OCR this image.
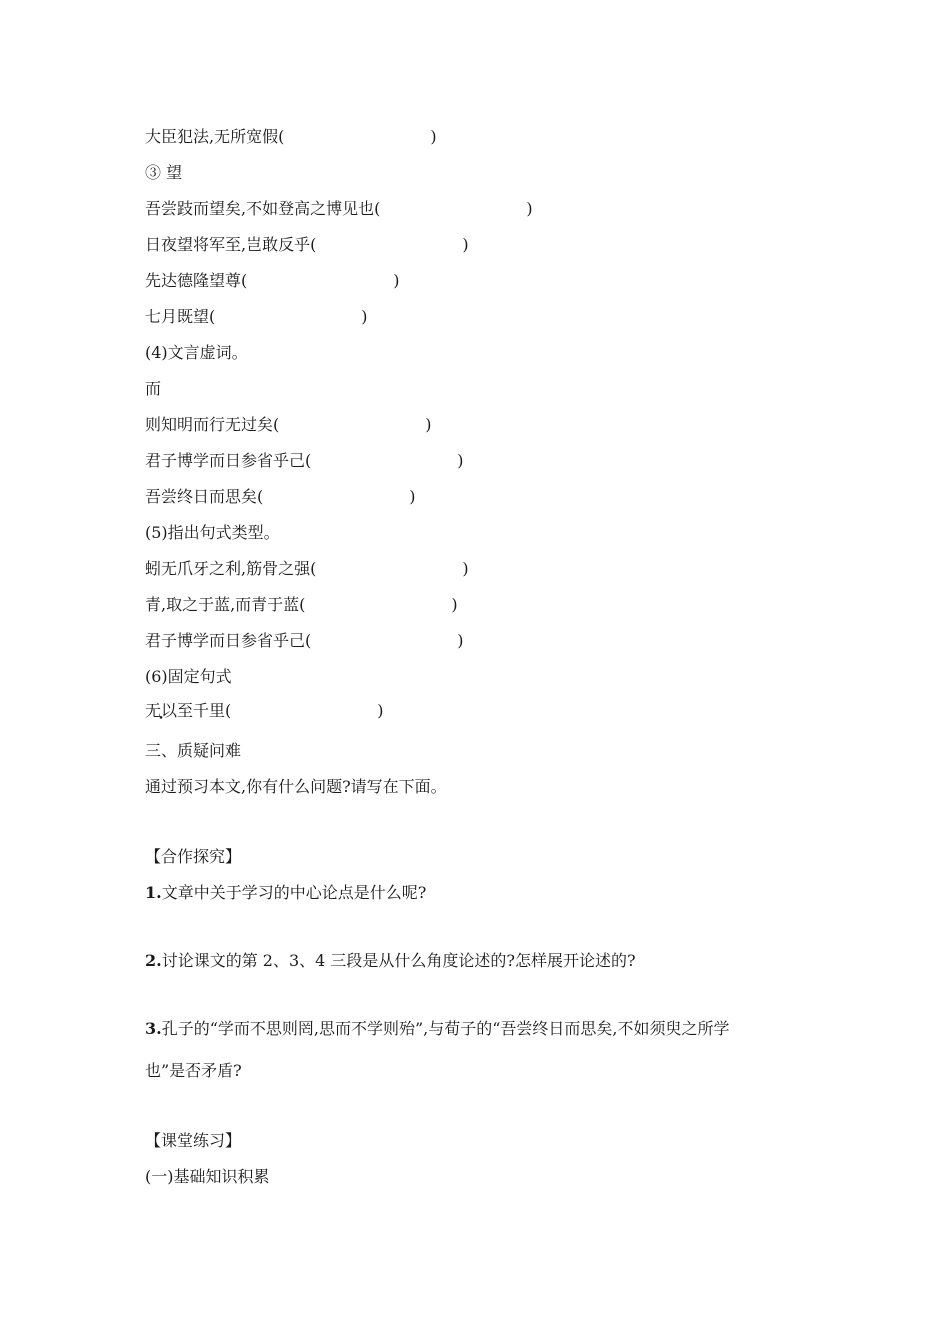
大臣犯法,无所宽假(	)
③ 望
吾尝跂而望矣,不如登高之博见也(	)
日夜望将军至,岂敢反乎(	)
先达德隆望尊(	)
七月既望(	)
(4)文言虚词。
而
则知明而行无过矣(	)
君子博学而日参省乎己(	)
吾尝终日而思矣(	)
(5)指出句式类型。
蚓无爪牙之利,筋骨之强(	)
青,取之于蓝,而青于蓝(	)
君子博学而日参省乎己(	)
(6)固定句式
无以至千里(	)
三、质疑问难
通过预习本文,你有什么问题?请写在下面。
【合作探究】
1.文章中关于学习的中心论点是什么呢?
2.讨论课文的第 2、3、4 三段是从什么角度论述的?怎样展开论述的?
3.孔子的“学而不思则罔,思而不学则殆”,与荀子的“吾尝终日而思矣,不如须臾之所学
也”是否矛盾?
【课堂练习】
(一)基础知识积累
